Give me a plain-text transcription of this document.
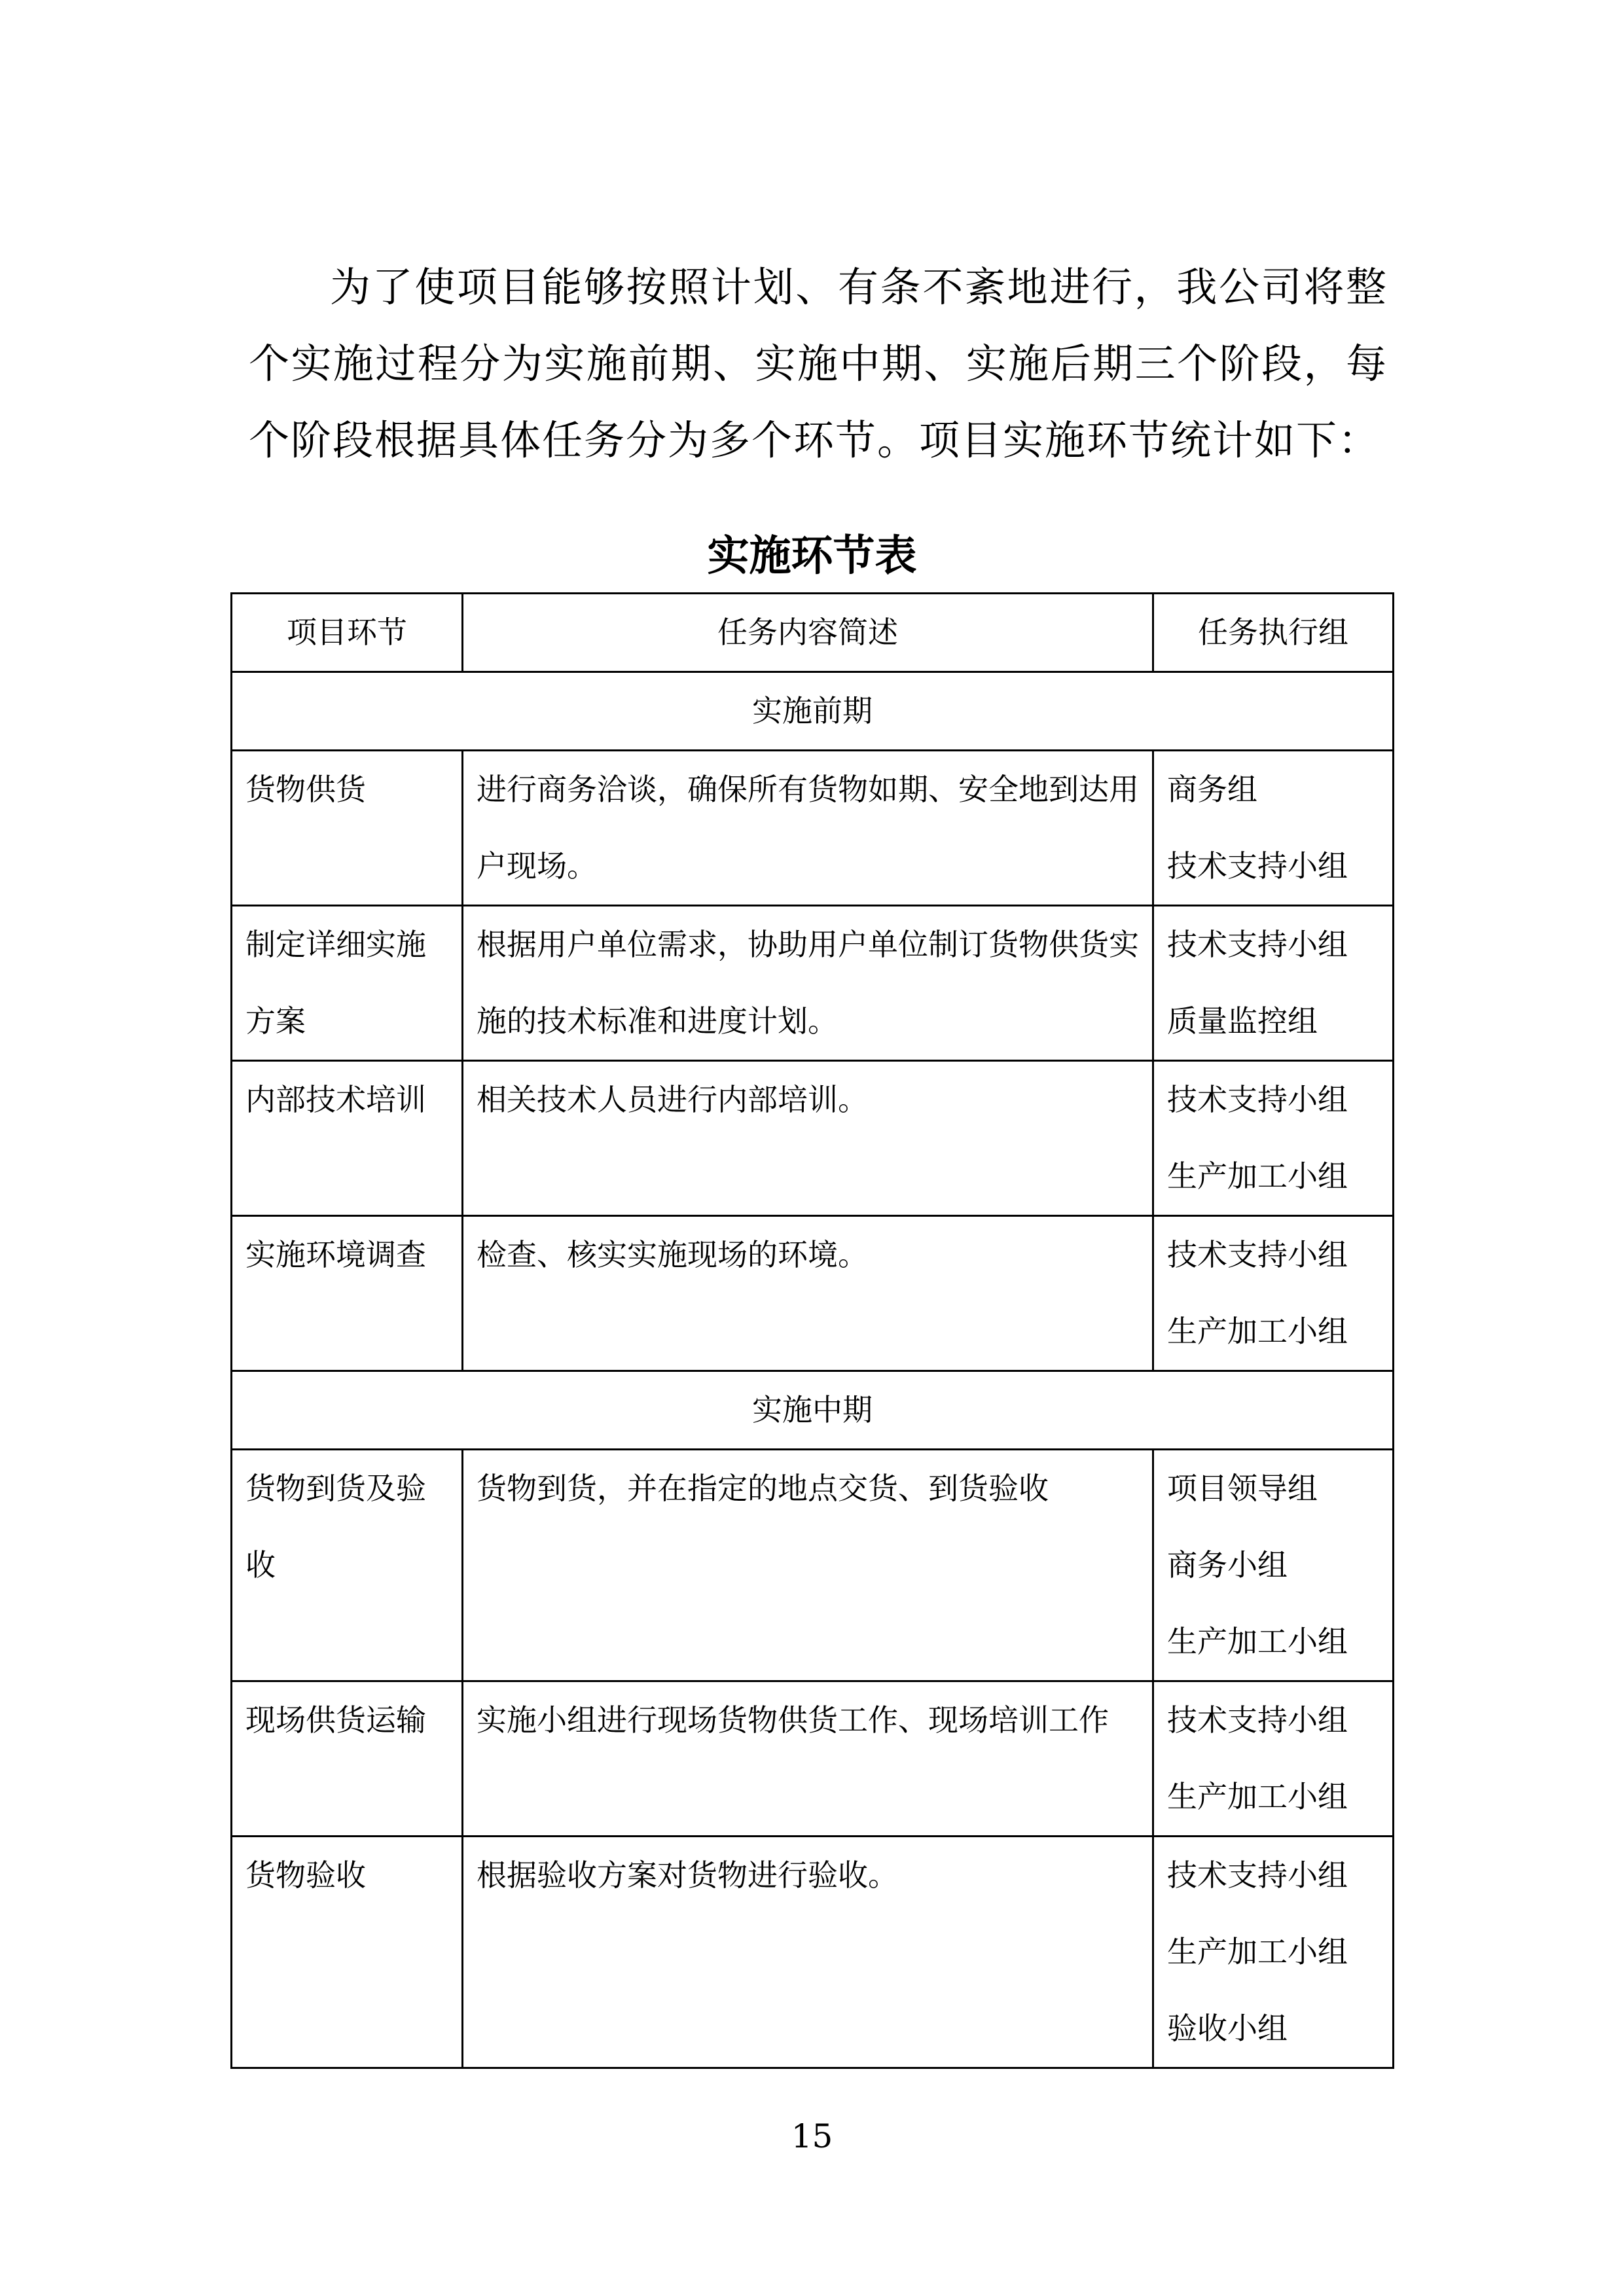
为了使项目能够按照计划、有条不紊地进行，我公司将整个实施过程分为实施前期、实施中期、实施后期三个阶段，每个阶段根据具体任务分为多个环节。项目实施环节统计如下：

实施环节表
项目环节	任务内容简述	任务执行组
实施前期		
货物供货	进行商务洽谈，确保所有货物如期、安全地到达用户现场。	商务组
技术支持小组

制定详细实施方案	根据用户单位需求，协助用户单位制订货物供货实施的技术标准和进度计划。	技术支持小组
质量监控组

内部技术培训	相关技术人员进行内部培训。	技术支持小组
生产加工小组

实施环境调查	检查、核实实施现场的环境。	技术支持小组
生产加工小组

实施中期		
货物到货及验收	货物到货，并在指定的地点交货、到货验收	项目领导组
商务小组
生产加工小组

现场供货运输	实施小组进行现场货物供货工作、现场培训工作	技术支持小组
生产加工小组

货物验收	根据验收方案对货物进行验收。	技术支持小组
生产加工小组
验收小组
15
